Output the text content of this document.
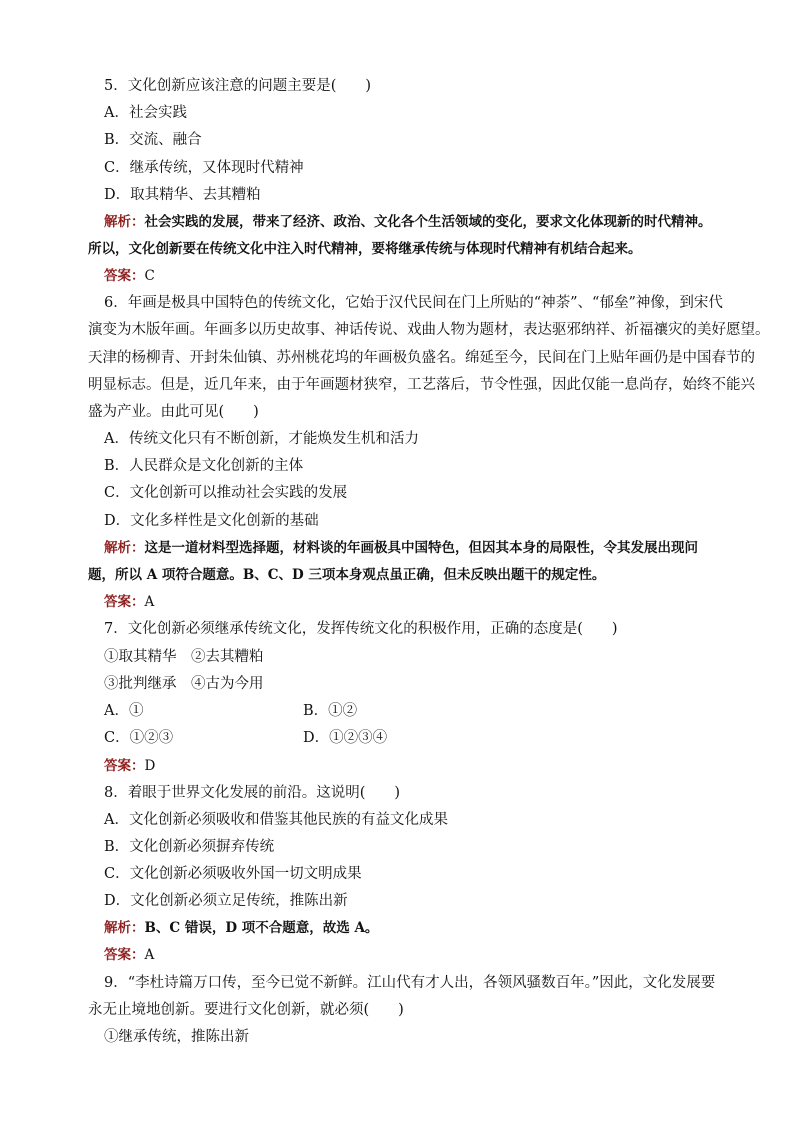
5．文化创新应该注意的问题主要是(　　)
A．社会实践
B．交流、融合
C．继承传统，又体现时代精神
D．取其精华、去其糟粕
解析：社会实践的发展，带来了经济、政治、文化各个生活领域的变化，要求文化体现新的时代精神。
所以，文化创新要在传统文化中注入时代精神，要将继承传统与体现时代精神有机结合起来。
答案：C
6．年画是极具中国特色的传统文化，它始于汉代民间在门上所贴的“神荼”、“郁垒”神像，到宋代
演变为木版年画。年画多以历史故事、神话传说、戏曲人物为题材，表达驱邪纳祥、祈福禳灾的美好愿望。
天津的杨柳青、开封朱仙镇、苏州桃花坞的年画极负盛名。绵延至今，民间在门上贴年画仍是中国春节的
明显标志。但是，近几年来，由于年画题材狭窄，工艺落后，节令性强，因此仅能一息尚存，始终不能兴
盛为产业。由此可见(　　)
A．传统文化只有不断创新，才能焕发生机和活力
B．人民群众是文化创新的主体
C．文化创新可以推动社会实践的发展
D．文化多样性是文化创新的基础
解析：这是一道材料型选择题，材料谈的年画极具中国特色，但因其本身的局限性，令其发展出现问
题，所以 A 项符合题意。B、C、D 三项本身观点虽正确，但未反映出题干的规定性。
答案：A
7．文化创新必须继承传统文化，发挥传统文化的积极作用，正确的态度是(　　)
①取其精华　②去其糟粕
③批判继承　④古为今用
A．①	B．①②
C．①②③	D．①②③④
答案：D
8．着眼于世界文化发展的前沿。这说明(　　)
A．文化创新必须吸收和借鉴其他民族的有益文化成果
B．文化创新必须摒弃传统
C．文化创新必须吸收外国一切文明成果
D．文化创新必须立足传统，推陈出新
解析：B、C 错误，D 项不合题意，故选 A。
答案：A
9．“李杜诗篇万口传，至今已觉不新鲜。江山代有才人出，各领风骚数百年。”因此，文化发展要
永无止境地创新。要进行文化创新，就必须(　　)
①继承传统，推陈出新
